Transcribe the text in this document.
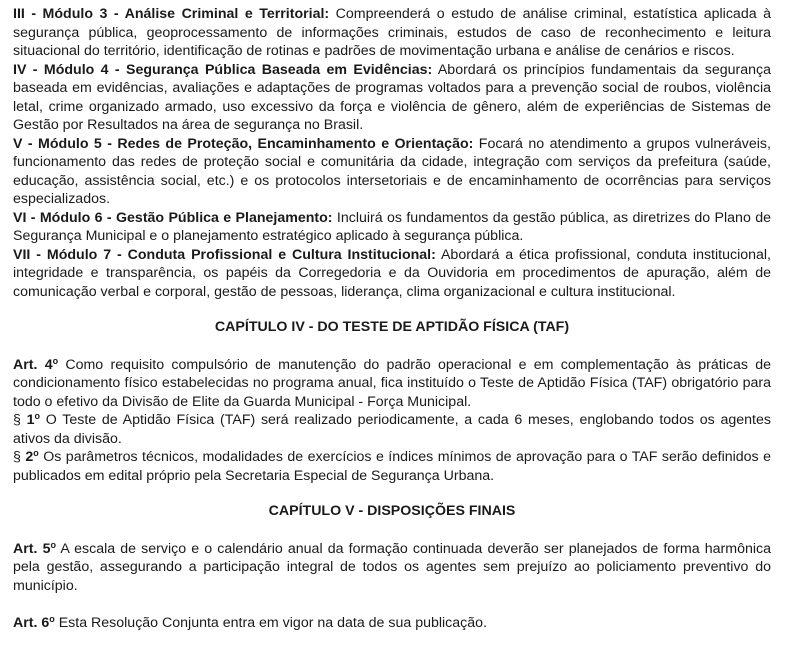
III - Módulo 3 - Análise Criminal e Territorial: Compreenderá o estudo de análise criminal, estatística aplicada à segurança pública, geoprocessamento de informações criminais, estudos de caso de reconhecimento e leitura situacional do território, identificação de rotinas e padrões de movimentação urbana e análise de cenários e riscos.

IV - Módulo 4 - Segurança Pública Baseada em Evidências: Abordará os princípios fundamentais da segurança baseada em evidências, avaliações e adaptações de programas voltados para a prevenção social de roubos, violência letal, crime organizado armado, uso excessivo da força e violência de gênero, além de experiências de Sistemas de Gestão por Resultados na área de segurança no Brasil.

V - Módulo 5 - Redes de Proteção, Encaminhamento e Orientação: Focará no atendimento a grupos vulneráveis, funcionamento das redes de proteção social e comunitária da cidade, integração com serviços da prefeitura (saúde, educação, assistência social, etc.) e os protocolos intersetoriais e de encaminhamento de ocorrências para serviços especializados.

VI - Módulo 6 - Gestão Pública e Planejamento: Incluirá os fundamentos da gestão pública, as diretrizes do Plano de Segurança Municipal e o planejamento estratégico aplicado à segurança pública.

VII - Módulo 7 - Conduta Profissional e Cultura Institucional: Abordará a ética profissional, conduta institucional, integridade e transparência, os papéis da Corregedoria e da Ouvidoria em procedimentos de apuração, além de comunicação verbal e corporal, gestão de pessoas, liderança, clima organizacional e cultura institucional.

CAPÍTULO IV - DO TESTE DE APTIDÃO FÍSICA (TAF)

Art. 4$^o$ Como requisito compulsório de manutenção do padrão operacional e em complementação às práticas de condicionamento físico estabelecidas no programa anual, fica instituído o Teste de Aptidão Física (TAF) obrigatório para todo o efetivo da Divisão de Elite da Guarda Municipal - Força Municipal.

§ 1$^o$ O Teste de Aptidão Física (TAF) será realizado periodicamente, a cada 6 meses, englobando todos os agentes ativos da divisão.

§ 2$^o$ Os parâmetros técnicos, modalidades de exercícios e índices mínimos de aprovação para o TAF serão definidos e publicados em edital próprio pela Secretaria Especial de Segurança Urbana.

CAPÍTULO V - DISPOSIÇÕES FINAIS

Art. 5$^o$ A escala de serviço e o calendário anual da formação continuada deverão ser planejados de forma harmônica pela gestão, assegurando a participação integral de todos os agentes sem prejuízo ao policiamento preventivo do município.

Art. 6$^o$ Esta Resolução Conjunta entra em vigor na data de sua publicação.
